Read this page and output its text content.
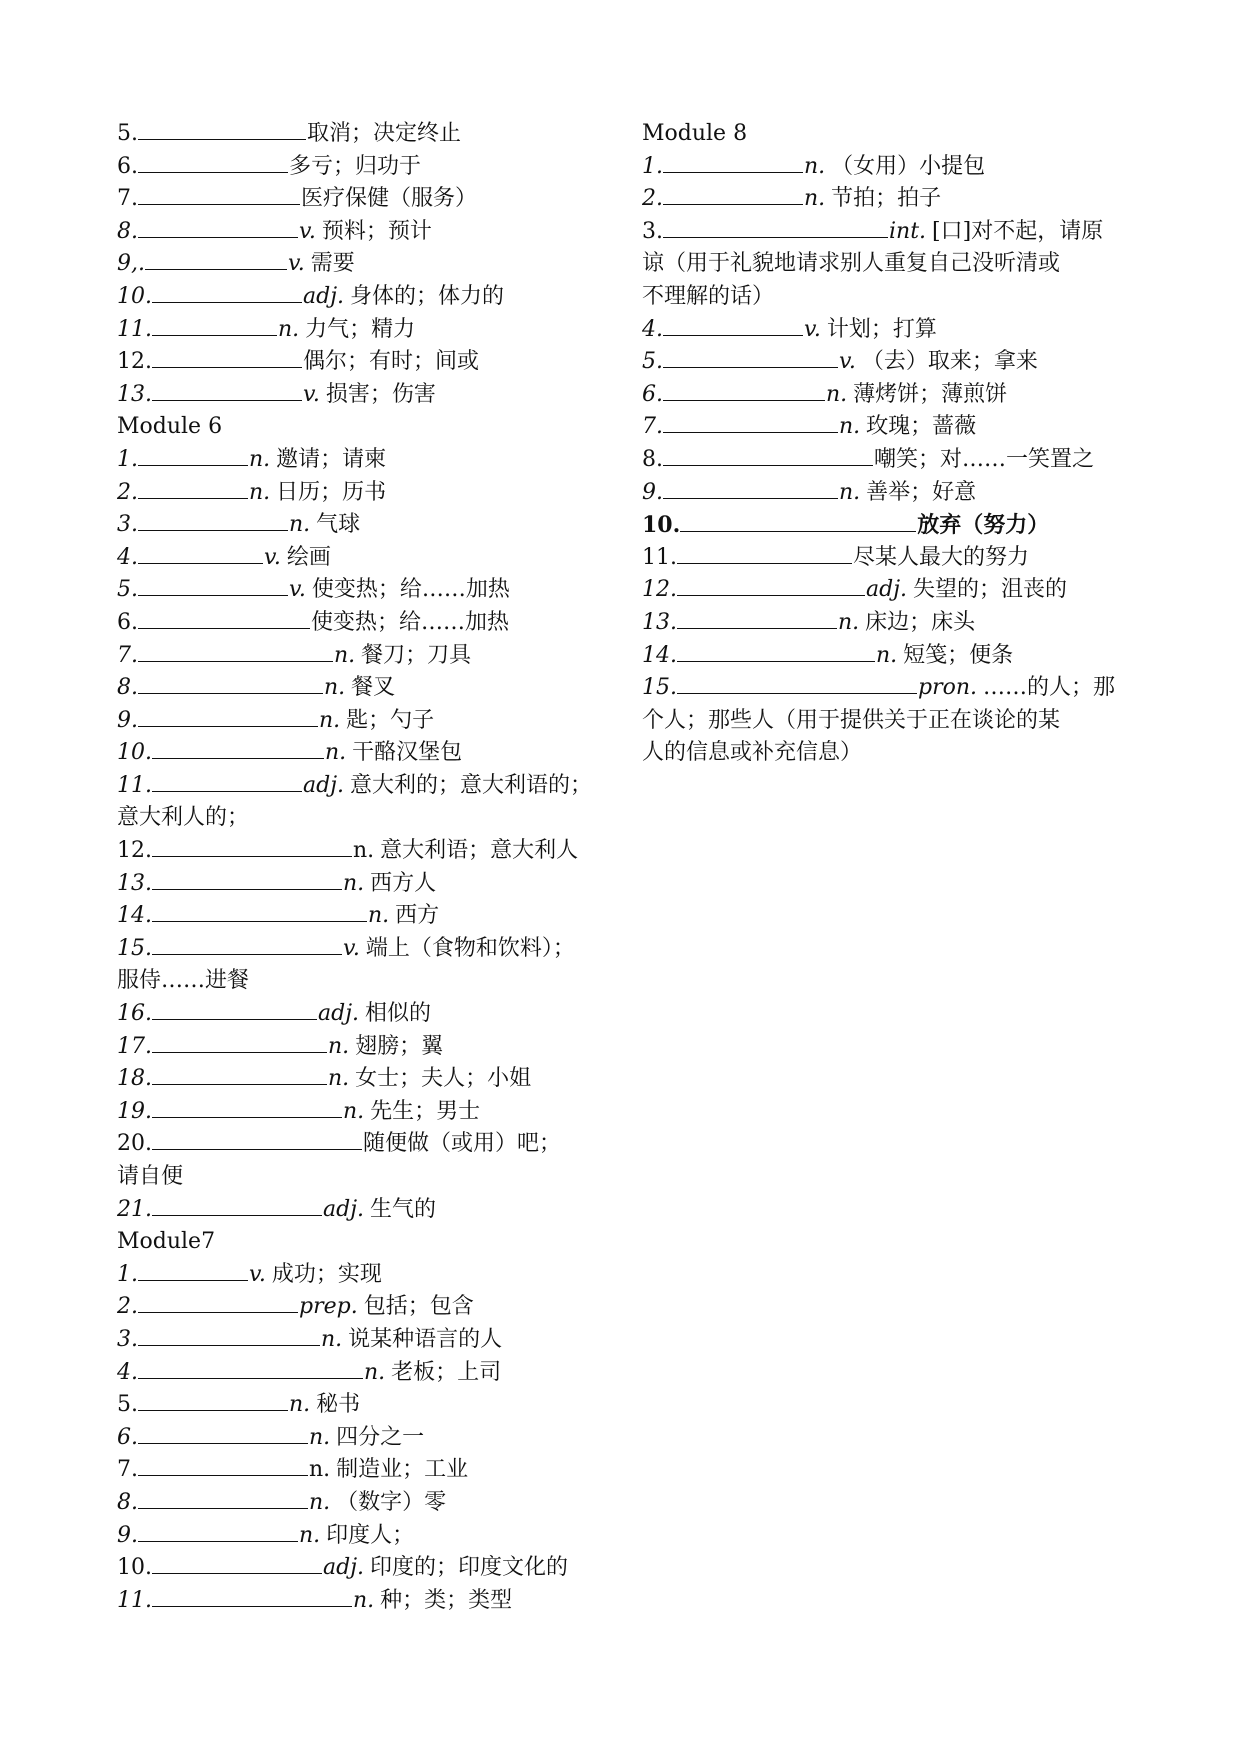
5.	取消；决定终止
6.	多亏；归功于
7.	医疗保健（服务）
8.	v. 预料；预计
9,.	v. 需要
10.	adj. 身体的；体力的
11.	n. 力气；精力
12.	偶尔；有时；间或
13.	v. 损害；伤害
Module 6
1.	n. 邀请；请柬
2.	n. 日历；历书
3.	n. 气球
4.	v. 绘画
5.	v. 使变热；给……加热
6.	使变热；给……加热
7.	n. 餐刀；刀具
8.	n. 餐叉
9.	n. 匙；勺子
10.	n. 干酪汉堡包
11.	adj. 意大利的；意大利语的；
意大利人的；
12.	n. 意大利语；意大利人
13.	n. 西方人
14.	n. 西方
15.	v. 端上（食物和饮料）；
服侍……进餐
16.	adj. 相似的
17.	n. 翅膀；翼
18.	n. 女士；夫人；小姐
19.	n. 先生；男士
20.	随便做（或用）吧；
请自便
21.	adj. 生气的
Module7
1.	v. 成功；实现
2.	prep. 包括；包含
3.	n. 说某种语言的人
4.	n. 老板；上司
5.	n. 秘书
6.	n. 四分之一
7.	n. 制造业；工业
8.	n. （数字）零
9.	n. 印度人；
10.	adj. 印度的；印度文化的
11.	n. 种；类；类型
Module 8
1.	n. （女用）小提包
2.	n. 节拍；拍子
3.	int. [口]对不起，请原
谅（用于礼貌地请求别人重复自己没听清或
不理解的话）
4.	v. 计划；打算
5.	v. （去）取来；拿来
6.	n. 薄烤饼；薄煎饼
7.	n. 玫瑰；蔷薇
8.	嘲笑；对……一笑置之
9.	n. 善举；好意
10.	放弃（努力）
11.	尽某人最大的努力
12.	adj. 失望的；沮丧的
13.	n. 床边；床头
14.	n. 短笺；便条
15.	pron. ……的人；那
个人；那些人（用于提供关于正在谈论的某
人的信息或补充信息）
